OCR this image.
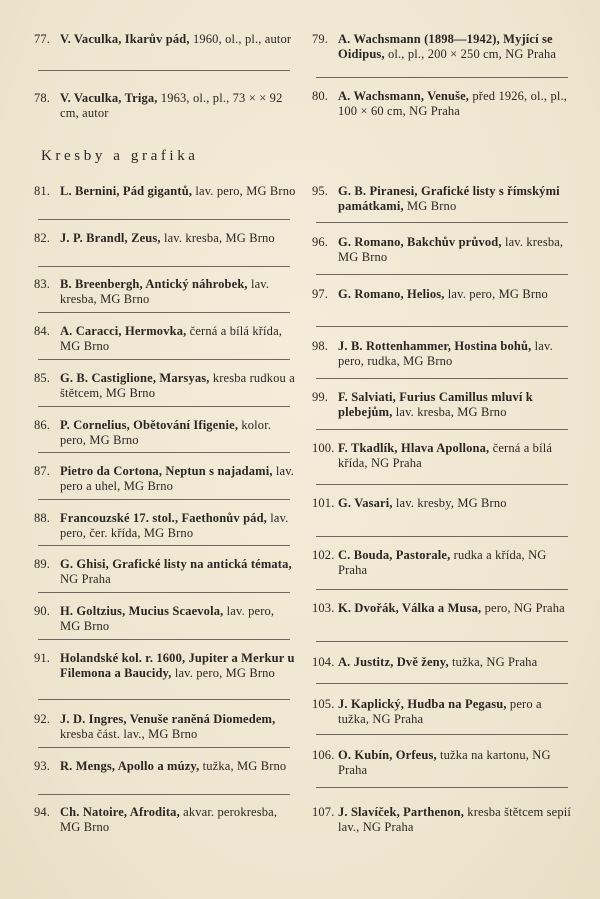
Kresby a grafika
77. V. Vaculka, Ikarův pád, 1960, ol., pl., autor
78. V. Vaculka, Triga, 1963, ol., pl., 73 × × 92 cm, autor
81. L. Bernini, Pád gigantů, lav. pero, MG Brno
82. J. P. Brandl, Zeus, lav. kresba, MG Brno
83. B. Breenbergh, Antický náhrobek, lav. kresba, MG Brno
84. A. Caracci, Hermovka, černá a bílá křída, MG Brno
85. G. B. Castiglione, Marsyas, kresba rudkou a štětcem, MG Brno
86. P. Cornelius, Obětování Ifigenie, kolor. pero, MG Brno
87. Pietro da Cortona, Neptun s najadami, lav. pero a uhel, MG Brno
88. Francouzské 17. stol., Faethonův pád, lav. pero, čer. křída, MG Brno
89. G. Ghisi, Grafické listy na antická témata, NG Praha
90. H. Goltzius, Mucius Scaevola, lav. pero, MG Brno
91. Holandské kol. r. 1600, Jupiter a Merkur u Filemona a Baucidy, lav. pero, MG Brno
92. J. D. Ingres, Venuše raněná Diomedem, kresba část. lav., MG Brno
93. R. Mengs, Apollo a múzy, tužka, MG Brno
94. Ch. Natoire, Afrodita, akvar. perokresba, MG Brno
79. A. Wachsmann (1898—1942), Myjící se Oidipus, ol., pl., 200 × 250 cm, NG Praha
80. A. Wachsmann, Venuše, před 1926, ol., pl., 100 × 60 cm, NG Praha
95. G. B. Piranesi, Grafické listy s římskými památkami, MG Brno
96. G. Romano, Bakchův průvod, lav. kresba, MG Brno
97. G. Romano, Helios, lav. pero, MG Brno
98. J. B. Rottenhammer, Hostina bohů, lav. pero, rudka, MG Brno
99. F. Salviati, Furius Camillus mluví k plebejům, lav. kresba, MG Brno
100. F. Tkadlík, Hlava Apollona, černá a bílá křída, NG Praha
101. G. Vasari, lav. kresby, MG Brno
102. C. Bouda, Pastorale, rudka a křída, NG Praha
103. K. Dvořák, Válka a Musa, pero, NG Praha
104. A. Justitz, Dvě ženy, tužka, NG Praha
105. J. Kaplický, Hudba na Pegasu, pero a tužka, NG Praha
106. O. Kubín, Orfeus, tužka na kartonu, NG Praha
107. J. Slavíček, Parthenon, kresba štětcem sepií lav., NG Praha
